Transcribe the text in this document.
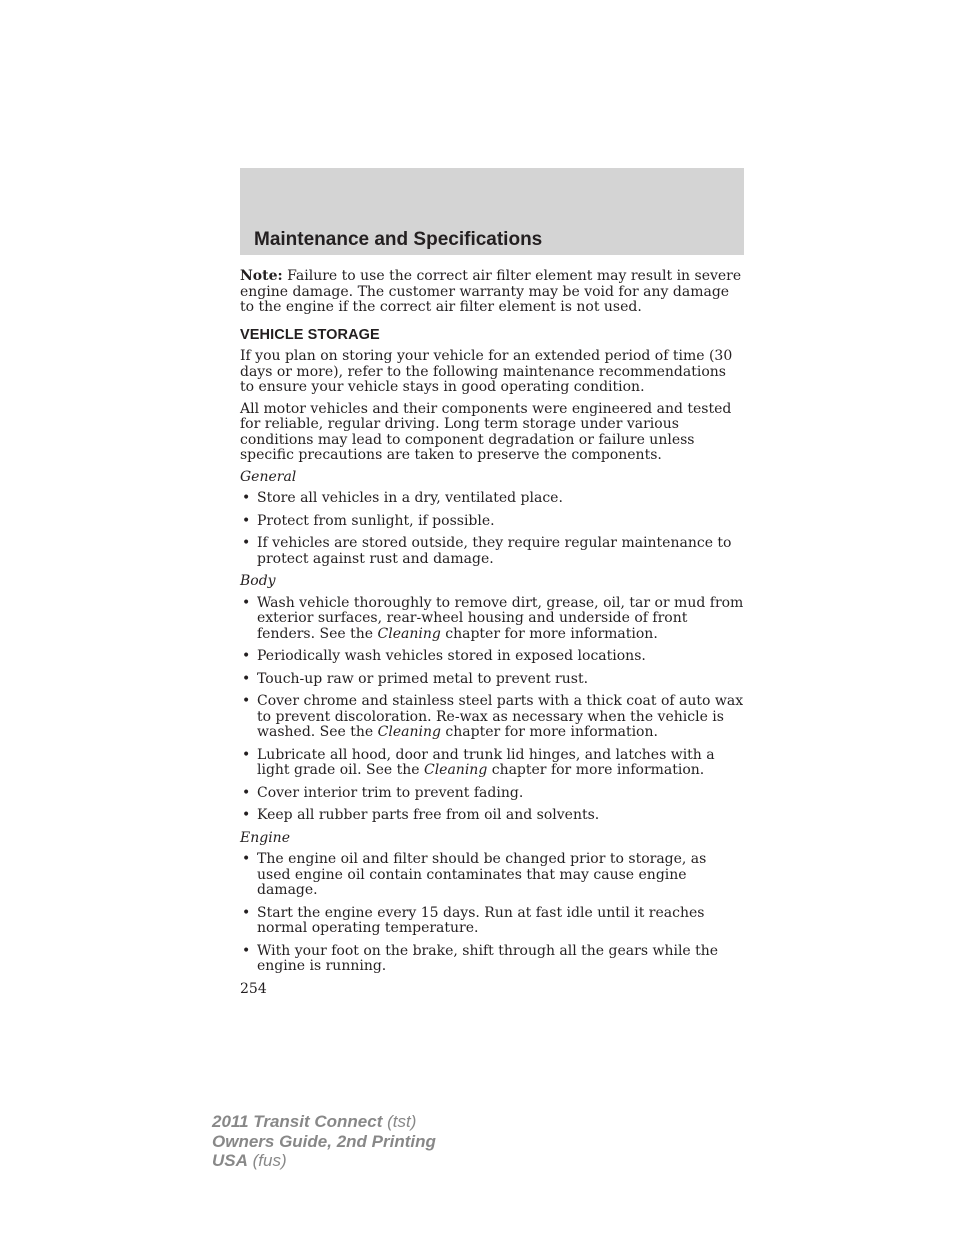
Maintenance and Specifications

Note: Failure to use the correct air filter element may result in severe engine damage. The customer warranty may be void for any damage to the engine if the correct air filter element is not used.

VEHICLE STORAGE

If you plan on storing your vehicle for an extended period of time (30 days or more), refer to the following maintenance recommendations to ensure your vehicle stays in good operating condition.

All motor vehicles and their components were engineered and tested for reliable, regular driving. Long term storage under various conditions may lead to component degradation or failure unless specific precautions are taken to preserve the components.

General
• Store all vehicles in a dry, ventilated place.
• Protect from sunlight, if possible.
• If vehicles are stored outside, they require regular maintenance to protect against rust and damage.
Body
• Wash vehicle thoroughly to remove dirt, grease, oil, tar or mud from exterior surfaces, rear-wheel housing and underside of front fenders. See the Cleaning chapter for more information.
• Periodically wash vehicles stored in exposed locations.
• Touch-up raw or primed metal to prevent rust.
• Cover chrome and stainless steel parts with a thick coat of auto wax to prevent discoloration. Re-wax as necessary when the vehicle is washed. See the Cleaning chapter for more information.
• Lubricate all hood, door and trunk lid hinges, and latches with a light grade oil. See the Cleaning chapter for more information.
• Cover interior trim to prevent fading.
• Keep all rubber parts free from oil and solvents.
Engine
• The engine oil and filter should be changed prior to storage, as used engine oil contain contaminates that may cause engine damage.
• Start the engine every 15 days. Run at fast idle until it reaches normal operating temperature.
• With your foot on the brake, shift through all the gears while the engine is running.
254
2011 Transit Connect (tst)
Owners Guide, 2nd Printing
USA (fus)
